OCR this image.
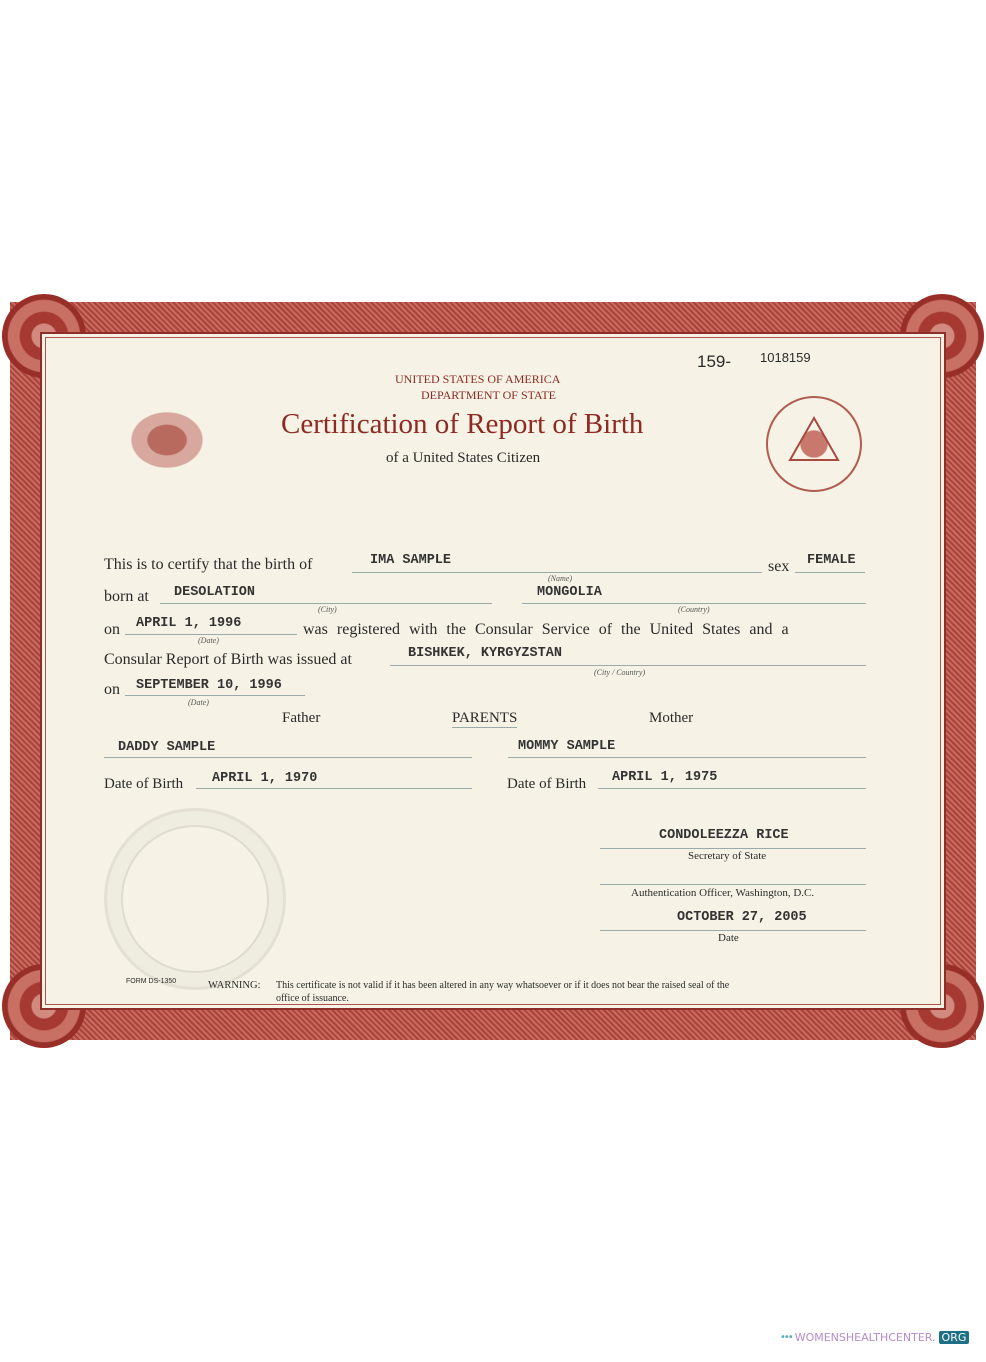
159- 1018159
UNITED STATES OF AMERICA
DEPARTMENT OF STATE
Certification of Report of Birth
of a United States Citizen
This is to certify that the birth of	IMA SAMPLE
(Name)
sex FEMALE
born at DESOLATION
(City)
MONGOLIA
(Country)
on APRIL 1, 1996
(Date)
was registered with the Consular Service of the United States and a
Consular Report of Birth was issued at	BISHKEK, KYRGYZSTAN
(City / Country)
on SEPTEMBER 10, 1996
(Date)
Father	PARENTS	Mother
DADDY SAMPLE	MOMMY SAMPLE
Date of Birth APRIL 1, 1970	Date of Birth APRIL 1, 1975
CONDOLEEZZA RICE
Secretary of State
Authentication Officer, Washington, D.C.
OCTOBER 27, 2005
Date
FORM DS-1350	WARNING: This certificate is not valid if it has been altered in any way whatsoever or if it does not bear the raised seal of the
office of issuance.
••• WOMENSHEALTHCENTER. ORG
